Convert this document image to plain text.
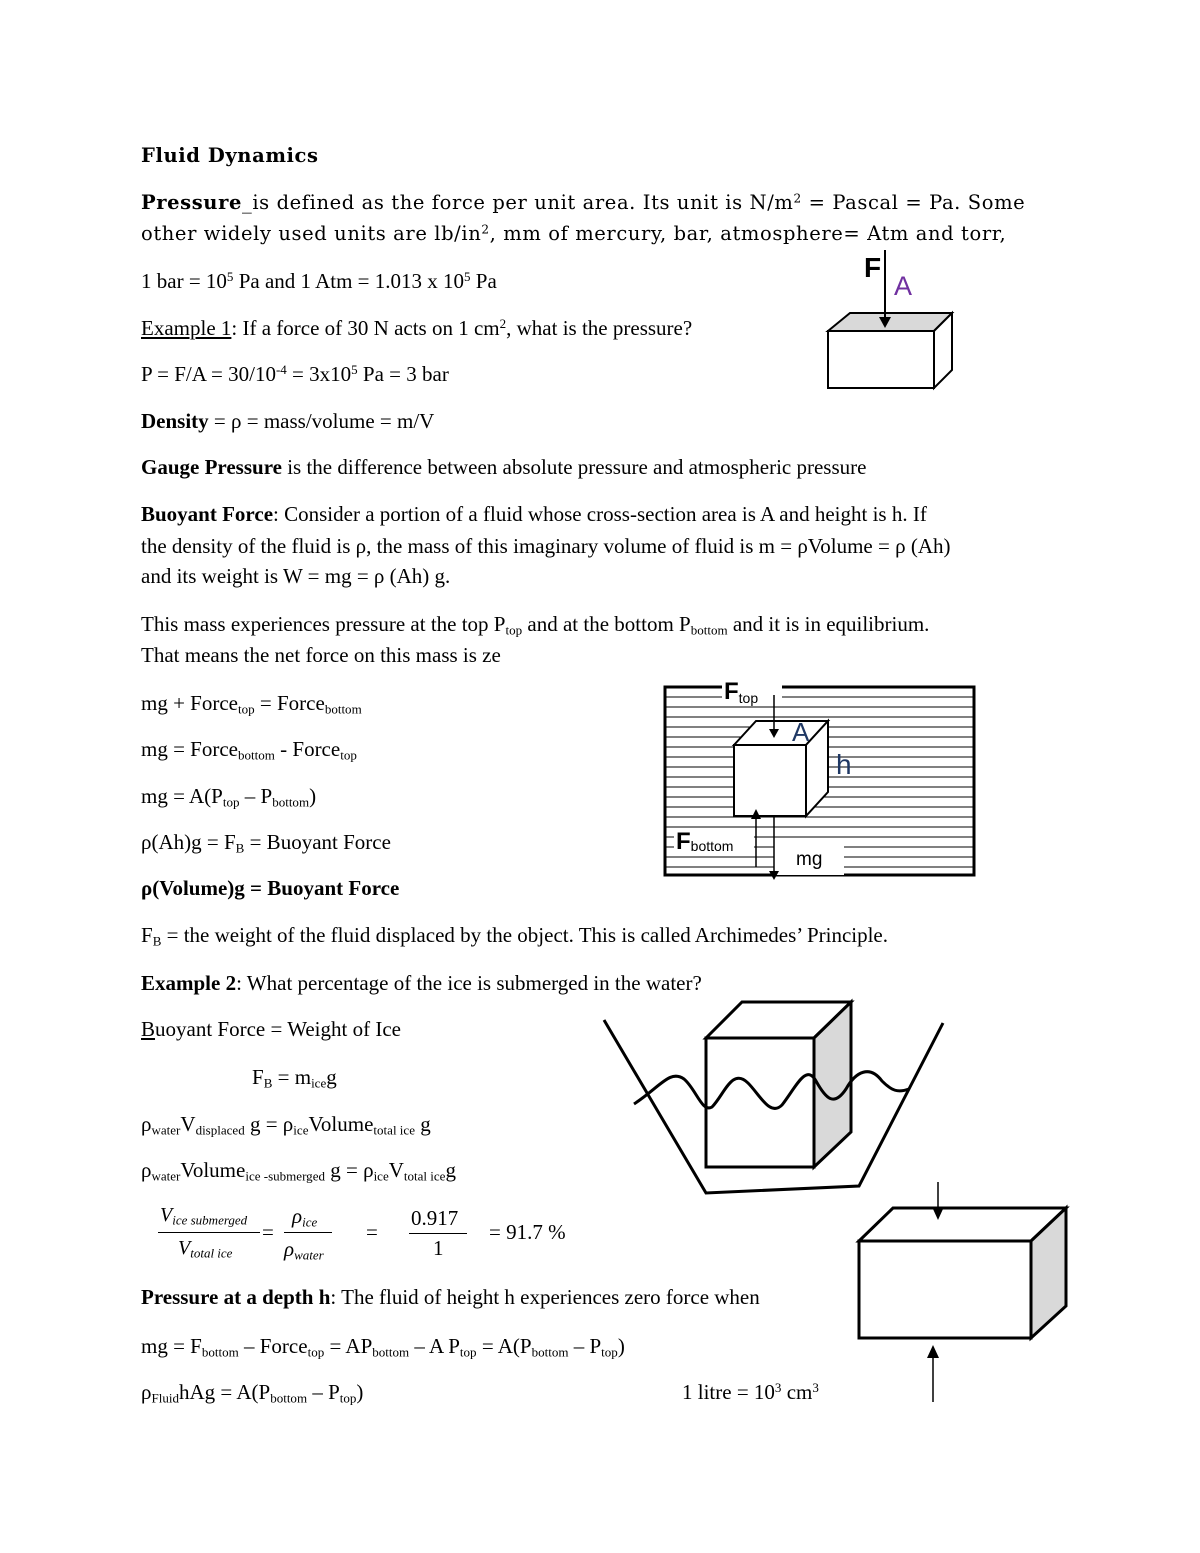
Fluid Dynamics
Pressure_is defined as the force per unit area. Its unit is $N/m^2$ = Pascal = Pa. Some
other widely used units are $lb/in^2$, mm of mercury, bar, atmosphere= Atm and torr,
1 bar = $10^5$ Pa and 1 Atm = 1.013 x $10^5$ Pa
Example 1: If a force of 30 N acts on 1 $cm^2$, what is the pressure?
$P = F/A = 30/10^{-4} = 3x10^5$ Pa = 3 bar
Density = ρ = mass/volume = m/V
Gauge Pressure is the difference between absolute pressure and atmospheric pressure
Buoyant Force: Consider a portion of a fluid whose cross-section area is A and height is h. If
the density of the fluid is ρ, the mass of this imaginary volume of fluid is m = ρVolume = ρ (Ah)
and its weight is W = mg = ρ (Ah) g.
This mass experiences pressure at the top $P_{top}$ and at the bottom $P_{bottom}$ and it is in equilibrium.
That means the net force on this mass is ze
mg + Force$_{top}$ = Force$_{bottom}$
mg = Force$_{bottom}$ - Force$_{top}$
mg = $A(P_{top} - P_{bottom})$
$\rho(Ah)g = F_B$ = Buoyant Force
ρ(Volume)g = Buoyant Force
$F_B$ = the weight of the fluid displaced by the object. This is called Archimedes’ Principle.
Example 2: What percentage of the ice is submerged in the water?
Buoyant Force = Weight of Ice
$F_B = m_{ice}g$
$\rho_{water}V_{displaced}$ $g = \rho_{ice}Volume_{total ice}$ g
$\rho_{water}Volume_{ice -submerged}$ $g = \rho_{ice}V_{total ice}g$
$V_{ice submerged}$
$V_{total ice}$
=
$\rho_{ice}$
$\rho_{water}$
=
0.917
1
= 91.7 %
Pressure at a depth h: The fluid of height h experiences zero force when
mg = $F_{bottom}$ – Force$_{top}$ = $AP_{bottom}$ – A $P_{top} = A(P_{bottom} - P_{top})$
$\rho_{Fluid}hAg = A(P_{bottom} - P_{top})$	1 litre = $10^3$ $cm^3$
F
A
Ftop
A
h
Fbottom
mg
